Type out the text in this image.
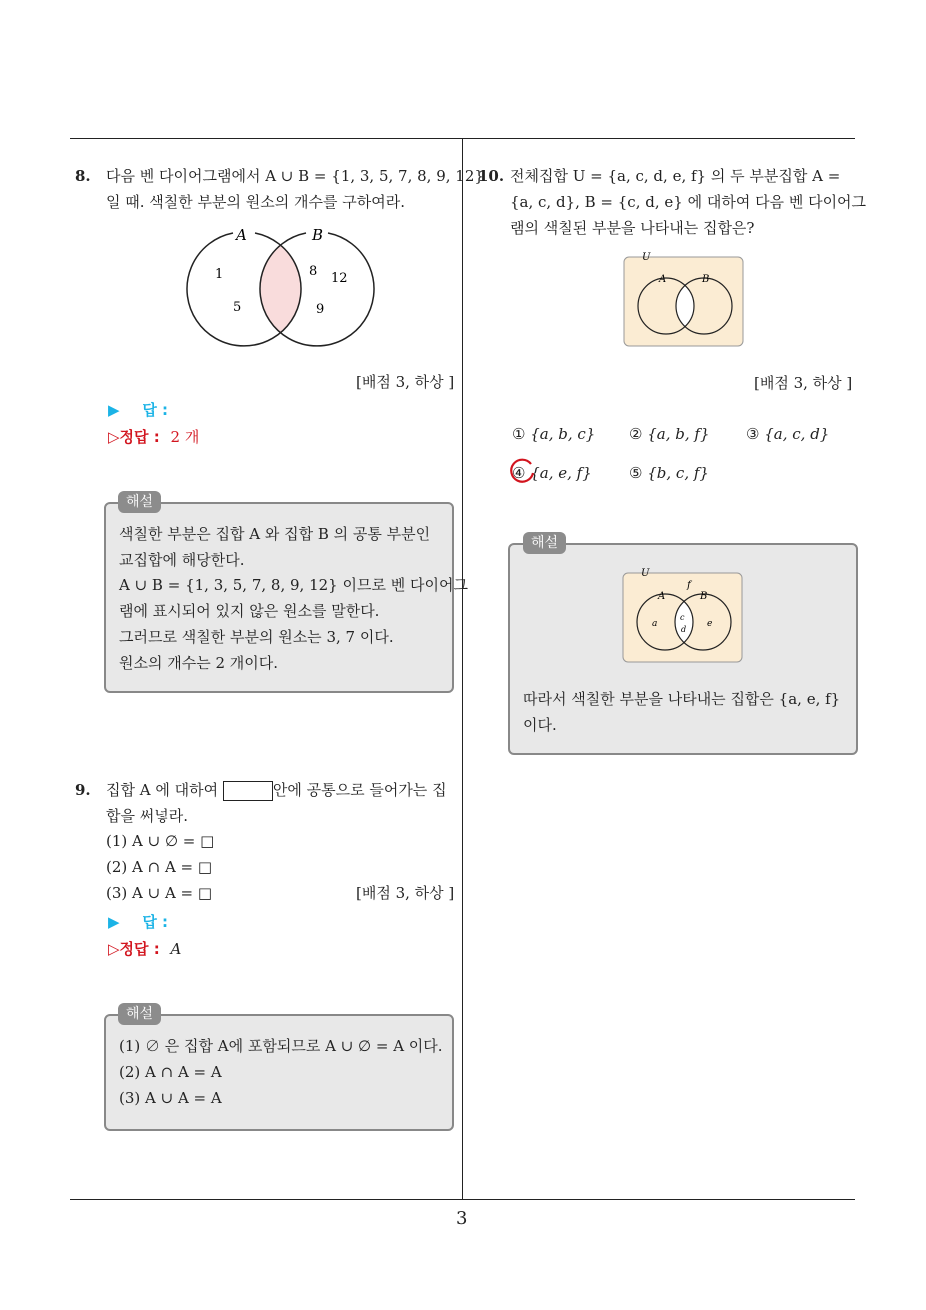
3
8. 다음 벤 다이어그램에서 A ∪ B = {1, 3, 5, 7, 8, 9, 12}
일 때. 색칠한 부분의 원소의 개수를 구하여라.
A	B
1
5
8 12
9
[배점 3, 하상 ]
▶ 답 :
▷정답 : 2 개
해설
색칠한 부분은 집합 A 와 집합 B 의 공통 부분인
교집합에 해당한다.
A ∪ B = {1, 3, 5, 7, 8, 9, 12} 이므로 벤 다이어그
램에 표시되어 있지 않은 원소를 말한다.
그러므로 색칠한 부분의 원소는 3, 7 이다.
원소의 개수는 2 개이다.
9. 집합 A 에 대하여	안에 공통으로 들어가는 집
합을 써넣라.
(1) A ∪ ∅ = □
(2) A ∩ A = □
(3) A ∪ A = □	[배점 3, 하상 ]
▶ 답 :
▷정답 : A
해설
(1) ∅ 은 집합 A에 포함되므로 A ∪ ∅ = A 이다.
(2) A ∩ A = A
(3) A ∪ A = A
10. 전체집합 U = {a, c, d, e, f} 의 두 부분집합 A =
{a, c, d}, B = {c, d, e} 에 대하여 다음 벤 다이어그
램의 색칠된 부분을 나타내는 집합은?
U
A	B
[배점 3, 하상 ]
① {a, b, c} ② {a, b, f} ③ {a, c, d}
④ {a, e, f} ⑤ {b, c, f}
해설
U
f
A	B
a
c
d
e
따라서 색칠한 부분을 나타내는 집합은 {a, e, f}
이다.
